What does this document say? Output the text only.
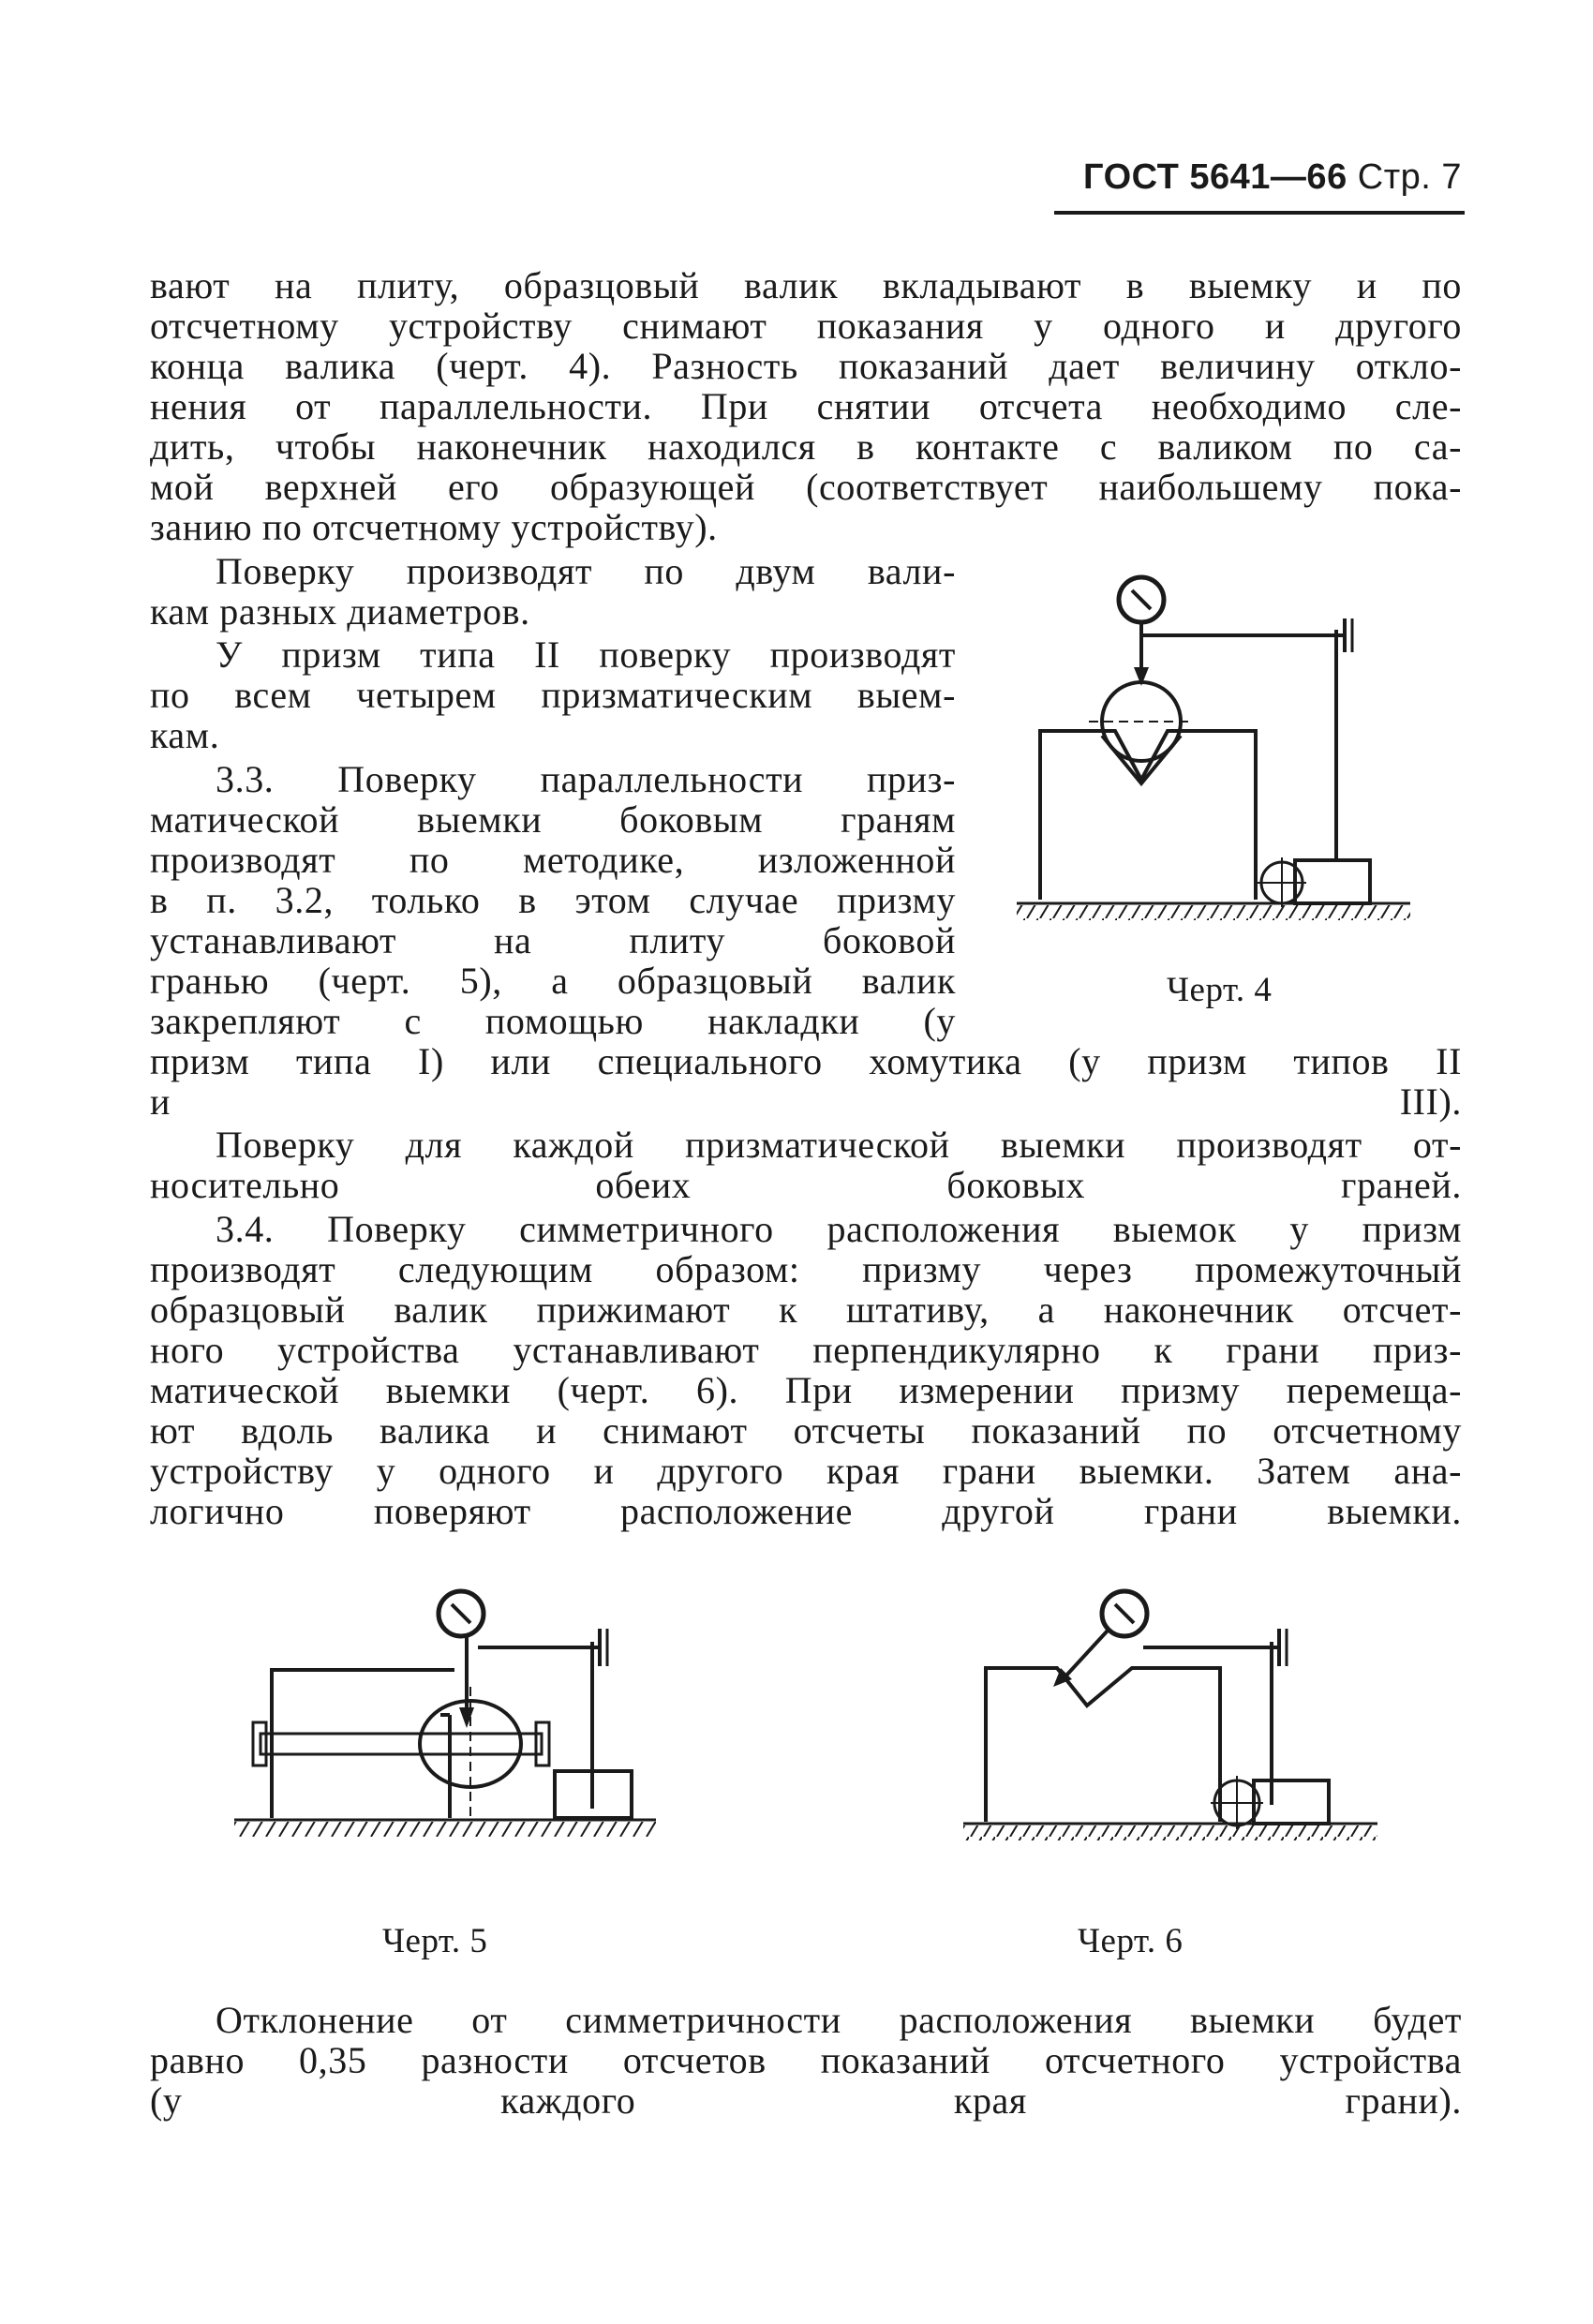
ГОСТ 5641—66 Стр. 7
вают на плиту, образцовый валик вкладывают в выемку и по
отсчетному устройству снимают показания у одного и другого
конца валика (черт. 4). Разность показаний дает величину откло-
нения от параллельности. При снятии отсчета необходимо сле-
дить, чтобы наконечник находился в контакте с валиком по са-
мой верхней его образующей (соответствует наибольшему пока-
занию по отсчетному устройству).
Поверку производят по двум вали-
кам разных диаметров.
У призм типа II поверку производят
по всем четырем призматическим выем-
кам.
3.3. Поверку параллельности приз-
матической выемки боковым граням
производят по методике, изложенной
в п. 3.2, только в этом случае призму
устанавливают на плиту боковой
гранью (черт. 5), а образцовый валик
закрепляют с помощью накладки (у
призм типа I) или специального хомутика (у призм типов II
и III).
Поверку для каждой призматической выемки производят от-
носительно обеих боковых граней.
3.4. Поверку симметричного расположения выемок у призм
производят следующим образом: призму через промежуточный
образцовый валик прижимают к штативу, а наконечник отсчет-
ного устройства устанавливают перпендикулярно к грани приз-
матической выемки (черт. 6). При измерении призму перемеща-
ют вдоль валика и снимают отсчеты показаний по отсчетному
устройству у одного и другого края грани выемки. Затем ана-
логично поверяют расположение другой грани выемки.
Отклонение от симметричности расположения выемки будет
равно 0,35 разности отсчетов показаний отсчетного устройства
(у каждого края грани).
Черт. 4
Черт. 5	Черт. 6
